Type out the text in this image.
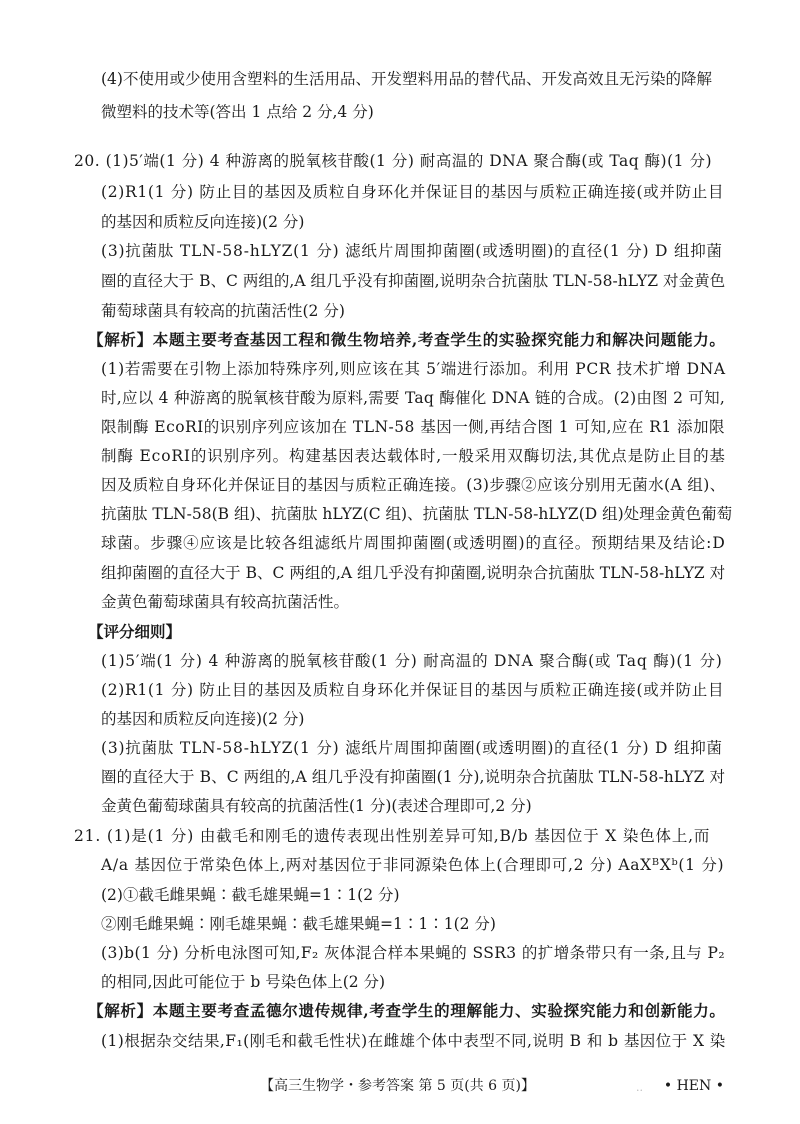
(4)不使用或少使用含塑料的生活用品、开发塑料用品的替代品、开发高效且无污染的降解
微塑料的技术等(答出 1 点给 2 分,4 分)
20. (1)5′端(1 分) 4 种游离的脱氧核苷酸(1 分) 耐高温的 DNA 聚合酶(或 Taq 酶)(1 分)
(2)R1(1 分) 防止目的基因及质粒自身环化并保证目的基因与质粒正确连接(或并防止目
的基因和质粒反向连接)(2 分)
(3)抗菌肽 TLN-58-hLYZ(1 分) 滤纸片周围抑菌圈(或透明圈)的直径(1 分) D 组抑菌
圈的直径大于 B、C 两组的,A 组几乎没有抑菌圈,说明杂合抗菌肽 TLN-58-hLYZ 对金黄色
葡萄球菌具有较高的抗菌活性(2 分)
【解析】本题主要考查基因工程和微生物培养,考查学生的实验探究能力和解决问题能力。
(1)若需要在引物上添加特殊序列,则应该在其 5′端进行添加。利用 PCR 技术扩增 DNA
时,应以 4 种游离的脱氧核苷酸为原料,需要 Taq 酶催化 DNA 链的合成。(2)由图 2 可知,
限制酶 EcoRⅠ的识别序列应该加在 TLN-58 基因一侧,再结合图 1 可知,应在 R1 添加限
制酶 EcoRⅠ的识别序列。构建基因表达载体时,一般采用双酶切法,其优点是防止目的基
因及质粒自身环化并保证目的基因与质粒正确连接。(3)步骤②应该分别用无菌水(A 组)、
抗菌肽 TLN-58(B 组)、抗菌肽 hLYZ(C 组)、抗菌肽 TLN-58-hLYZ(D 组)处理金黄色葡萄
球菌。步骤④应该是比较各组滤纸片周围抑菌圈(或透明圈)的直径。预期结果及结论:D
组抑菌圈的直径大于 B、C 两组的,A 组几乎没有抑菌圈,说明杂合抗菌肽 TLN-58-hLYZ 对
金黄色葡萄球菌具有较高抗菌活性。
【评分细则】
(1)5′端(1 分) 4 种游离的脱氧核苷酸(1 分) 耐高温的 DNA 聚合酶(或 Taq 酶)(1 分)
(2)R1(1 分) 防止目的基因及质粒自身环化并保证目的基因与质粒正确连接(或并防止目
的基因和质粒反向连接)(2 分)
(3)抗菌肽 TLN-58-hLYZ(1 分) 滤纸片周围抑菌圈(或透明圈)的直径(1 分) D 组抑菌
圈的直径大于 B、C 两组的,A 组几乎没有抑菌圈(1 分),说明杂合抗菌肽 TLN-58-hLYZ 对
金黄色葡萄球菌具有较高的抗菌活性(1 分)(表述合理即可,2 分)
21. (1)是(1 分) 由截毛和刚毛的遗传表现出性别差异可知,B/b 基因位于 X 染色体上,而
A/a 基因位于常染色体上,两对基因位于非同源染色体上(合理即可,2 分) AaXᴮXᵇ(1 分)
(2)①截毛雌果蝇∶截毛雄果蝇=1∶1(2 分)
②刚毛雌果蝇∶刚毛雄果蝇∶截毛雄果蝇=1∶1∶1(2 分)
(3)b(1 分) 分析电泳图可知,F₂ 灰体混合样本果蝇的 SSR3 的扩增条带只有一条,且与 P₂
的相同,因此可能位于 b 号染色体上(2 分)
【解析】本题主要考查孟德尔遗传规律,考查学生的理解能力、实验探究能力和创新能力。
(1)根据杂交结果,F₁(刚毛和截毛性状)在雌雄个体中表型不同,说明 B 和 b 基因位于 X 染
【高三生物学・参考答案 第 5 页(共 6 页)】	.. • HEN •
